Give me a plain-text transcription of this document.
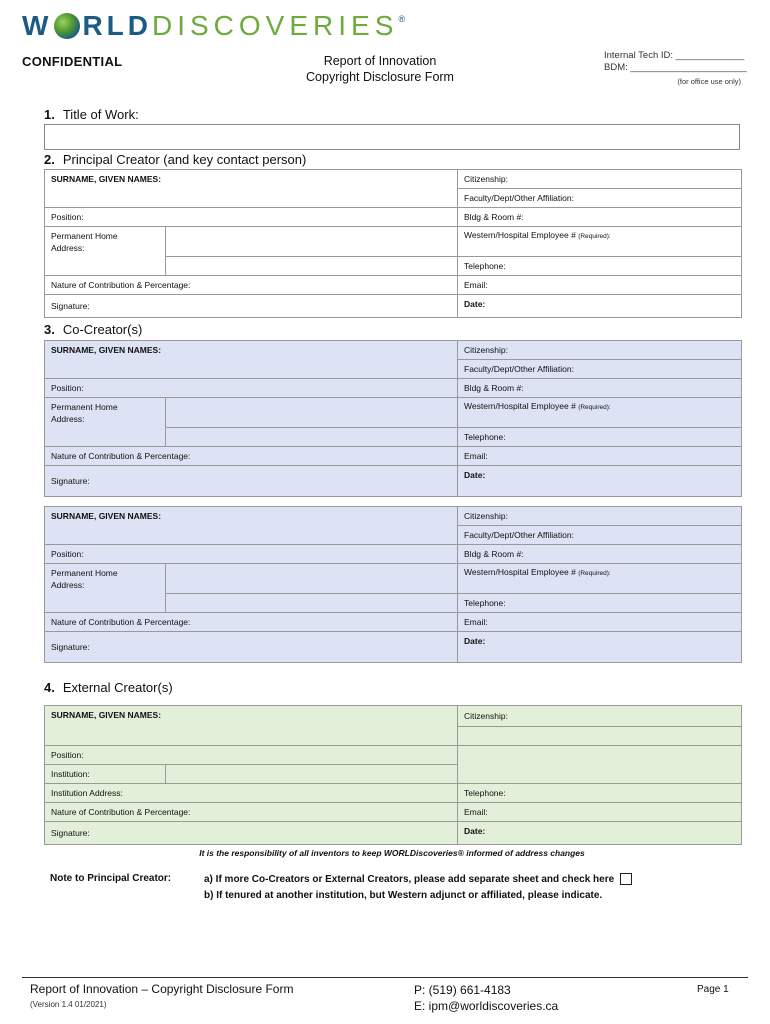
W RLD DISCOVERIES ®
CONFIDENTIAL	Report of Innovation
Copyright Disclosure Form
Internal Tech ID: _____________
BDM: ______________________
(for office use only)
1. Title of Work:
2. Principal Creator (and key contact person)
SURNAME, GIVEN NAMES:		Citizenship:
		Faculty/Dept/Other Affiliation:
Position:		Bldg & Room #:

Permanent Home
Address:		Western/Hospital Employee # (Required):
		Telephone:
Nature of Contribution & Percentage:		Email:
Signature:		Date:
3. Co-Creator(s)
SURNAME, GIVEN NAMES:		Citizenship:
		Faculty/Dept/Other Affiliation:
Position:		Bldg & Room #:

Permanent Home
Address:		Western/Hospital Employee # (Required):
		Telephone:
Nature of Contribution & Percentage:		Email:
Signature:		Date:
SURNAME, GIVEN NAMES:		Citizenship:
		Faculty/Dept/Other Affiliation:
Position:		Bldg & Room #:

Permanent Home
Address:		Western/Hospital Employee # (Required):
		Telephone:
Nature of Contribution & Percentage:		Email:
Signature:		Date:
4. External Creator(s)
SURNAME, GIVEN NAMES:		Citizenship:

Position:		
Institution:		
Institution Address:		Telephone:
Nature of Contribution & Percentage:		Email:
Signature:		Date:
It is the responsibility of all inventors to keep WORLDiscoveries® informed of address changes
Note to Principal Creator:	a) If more Co-Creators or External Creators, please add separate sheet and check here
b) If tenured at another institution, but Western adjunct or affiliated, please indicate.
Report of Innovation – Copyright Disclosure Form
(Version 1.4 01/2021)
P: (519) 661-4183
E: ipm@worldiscoveries.ca
Page 1
